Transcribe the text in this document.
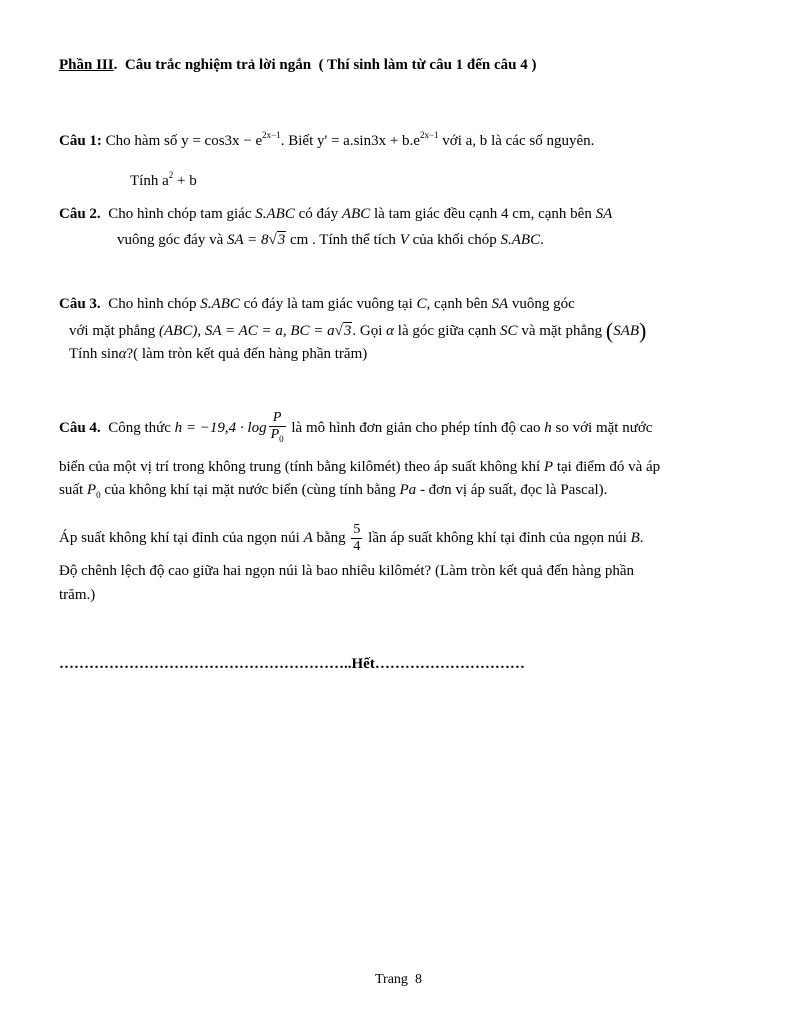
Phần III. Câu trắc nghiệm trả lời ngắn ( Thí sinh làm từ câu 1 đến câu 4 )
Câu 1: Cho hàm số $y = \cos 3x - e^{2x-1}$. Biết $y' = a.\sin 3x + b.e^{2x-1}$ với a, b là các số nguyên.
Tính $a^2 + b$
Câu 2. Cho hình chóp tam giác S.ABC có đáy ABC là tam giác đều cạnh 4 cm, cạnh bên SA
vuông góc đáy và SA = 8√3 cm . Tính thể tích V của khối chóp S.ABC.
Câu 3. Cho hình chóp S.ABC có đáy là tam giác vuông tại C, cạnh bên SA vuông góc
với mặt phẳng (ABC), SA = AC = a, BC = a√3. Gọi α là góc giữa cạnh SC và mặt phẳng (SAB)
Tính sinα?( làm tròn kết quả đến hàng phần trăm)
Câu 4. Công thức $h = -19,4 \cdot \log \frac{P}{P_0}$ là mô hình đơn giản cho phép tính độ cao h so với mặt nước
biển của một vị trí trong không trung (tính bằng kilômét) theo áp suất không khí P tại điểm đó và áp
suất $P_0$ của không khí tại mặt nước biển (cùng tính bằng Pa - đơn vị áp suất, đọc là Pascal).
Áp suất không khí tại đỉnh của ngọn núi A bằng $\frac{5}{4}$ lần áp suất không khí tại đỉnh của ngọn núi B.
Độ chênh lệch độ cao giữa hai ngọn núi là bao nhiêu kilômét? (Làm tròn kết quả đến hàng phần
trăm.)
…………………………………………………..Hết…………………………
Trang 8
